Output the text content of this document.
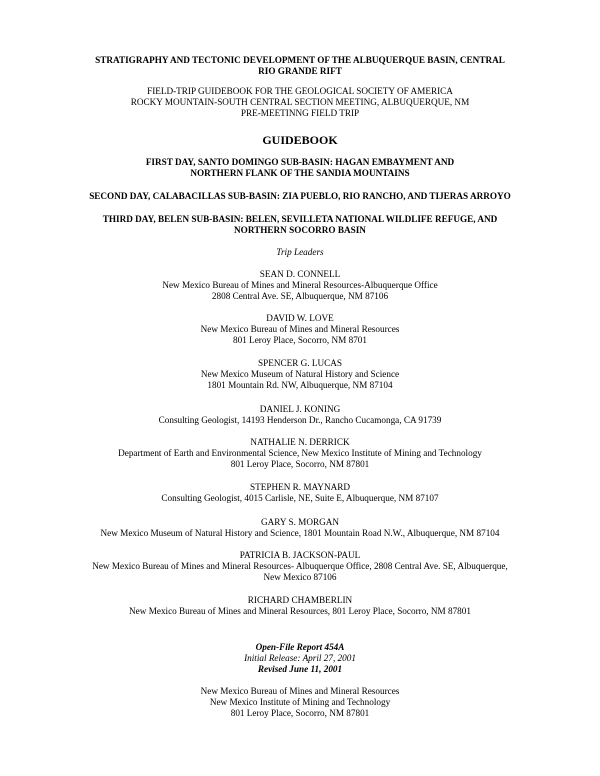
STRATIGRAPHY AND TECTONIC DEVELOPMENT OF THE ALBUQUERQUE BASIN, CENTRAL
RIO GRANDE RIFT
FIELD-TRIP GUIDEBOOK FOR THE GEOLOGICAL SOCIETY OF AMERICA
ROCKY MOUNTAIN-SOUTH CENTRAL SECTION MEETING, ALBUQUERQUE, NM
PRE-MEETINNG FIELD TRIP
GUIDEBOOK
FIRST DAY, SANTO DOMINGO SUB-BASIN: HAGAN EMBAYMENT AND
NORTHERN FLANK OF THE SANDIA MOUNTAINS
SECOND DAY, CALABACILLAS SUB-BASIN: ZIA PUEBLO, RIO RANCHO, AND TIJERAS ARROYO
THIRD DAY, BELEN SUB-BASIN: BELEN, SEVILLETA NATIONAL WILDLIFE REFUGE, AND
NORTHERN SOCORRO BASIN
Trip Leaders
SEAN D. CONNELL
New Mexico Bureau of Mines and Mineral Resources-Albuquerque Office
2808 Central Ave. SE, Albuquerque, NM 87106
DAVID W. LOVE
New Mexico Bureau of Mines and Mineral Resources
801 Leroy Place, Socorro, NM 8701
SPENCER G. LUCAS
New Mexico Museum of Natural History and Science
1801 Mountain Rd. NW, Albuquerque, NM 87104
DANIEL J. KONING
Consulting Geologist, 14193 Henderson Dr., Rancho Cucamonga, CA 91739
NATHALIE N. DERRICK
Department of Earth and Environmental Science, New Mexico Institute of Mining and Technology
801 Leroy Place, Socorro, NM 87801
STEPHEN R. MAYNARD
Consulting Geologist, 4015 Carlisle, NE, Suite E, Albuquerque, NM 87107
GARY S. MORGAN
New Mexico Museum of Natural History and Science, 1801 Mountain Road N.W., Albuquerque, NM 87104
PATRICIA B. JACKSON-PAUL
New Mexico Bureau of Mines and Mineral Resources- Albuquerque Office, 2808 Central Ave. SE, Albuquerque,
New Mexico 87106
RICHARD CHAMBERLIN
New Mexico Bureau of Mines and Mineral Resources, 801 Leroy Place, Socorro, NM 87801
Open-File Report 454A
Initial Release: April 27, 2001
Revised June 11, 2001
New Mexico Bureau of Mines and Mineral Resources
New Mexico Institute of Mining and Technology
801 Leroy Place, Socorro, NM 87801
